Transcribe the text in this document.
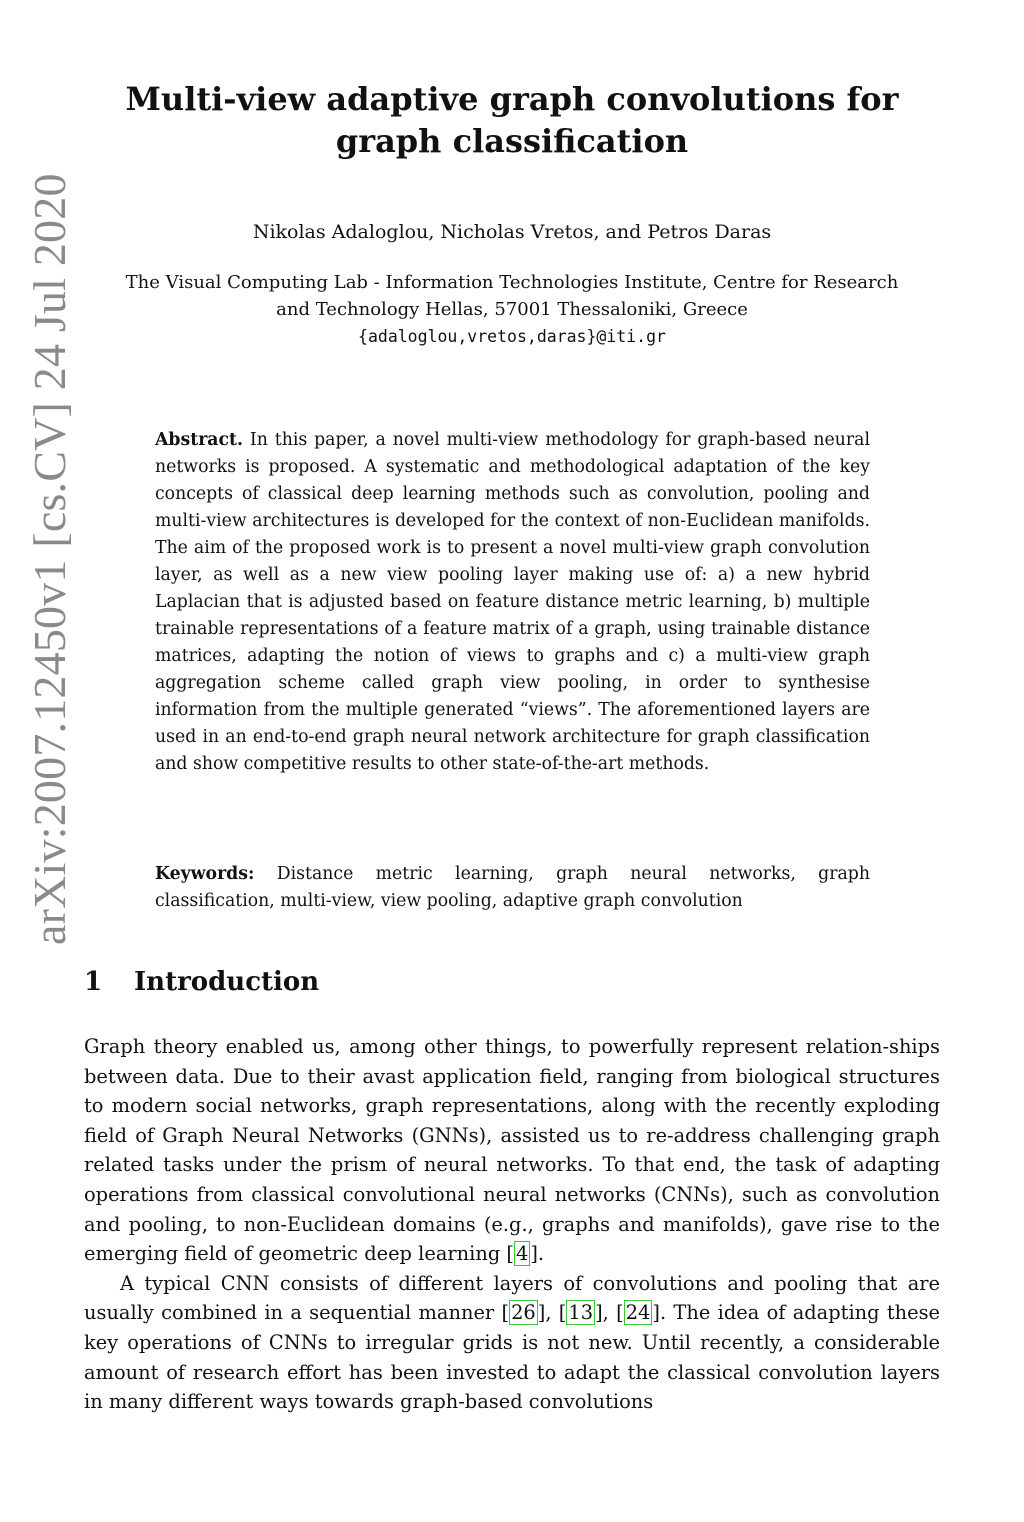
arXiv:2007.12450v1 [cs.CV] 24 Jul 2020
Multi-view adaptive graph convolutions for
graph classification
Nikolas Adaloglou, Nicholas Vretos, and Petros Daras
The Visual Computing Lab - Information Technologies Institute, Centre for Research
and Technology Hellas, 57001 Thessaloniki, Greece
{adaloglou,vretos,daras}@iti.gr
Abstract. In this paper, a novel multi-view methodology for graph-based neural networks is proposed. A systematic and methodological adaptation of the key concepts of classical deep learning methods such as convolution, pooling and multi-view architectures is developed for the context of non-Euclidean manifolds. The aim of the proposed work is to present a novel multi-view graph convolution layer, as well as a new view pooling layer making use of: a) a new hybrid Laplacian that is adjusted based on feature distance metric learning, b) multiple trainable representations of a feature matrix of a graph, using trainable distance matrices, adapting the notion of views to graphs and c) a multi-view graph aggregation scheme called graph view pooling, in order to synthesise information from the multiple generated “views”. The aforementioned layers are used in an end-to-end graph neural network architecture for graph classification and show competitive results to other state-of-the-art methods.
Keywords: Distance metric learning, graph neural networks, graph classification, multi-view, view pooling, adaptive graph convolution
1 Introduction

Graph theory enabled us, among other things, to powerfully represent relation-ships between data. Due to their avast application field, ranging from biological structures to modern social networks, graph representations, along with the recently exploding field of Graph Neural Networks (GNNs), assisted us to re-address challenging graph related tasks under the prism of neural networks. To that end, the task of adapting operations from classical convolutional neural networks (CNNs), such as convolution and pooling, to non-Euclidean domains (e.g., graphs and manifolds), gave rise to the emerging field of geometric deep learning [ 4 ].

A typical CNN consists of different layers of convolutions and pooling that are usually combined in a sequential manner [ 26 ], [ 13 ], [ 24 ]. The idea of adapting these key operations of CNNs to irregular grids is not new. Until recently, a considerable amount of research effort has been invested to adapt the classical convolution layers in many different ways towards graph-based convolutions
